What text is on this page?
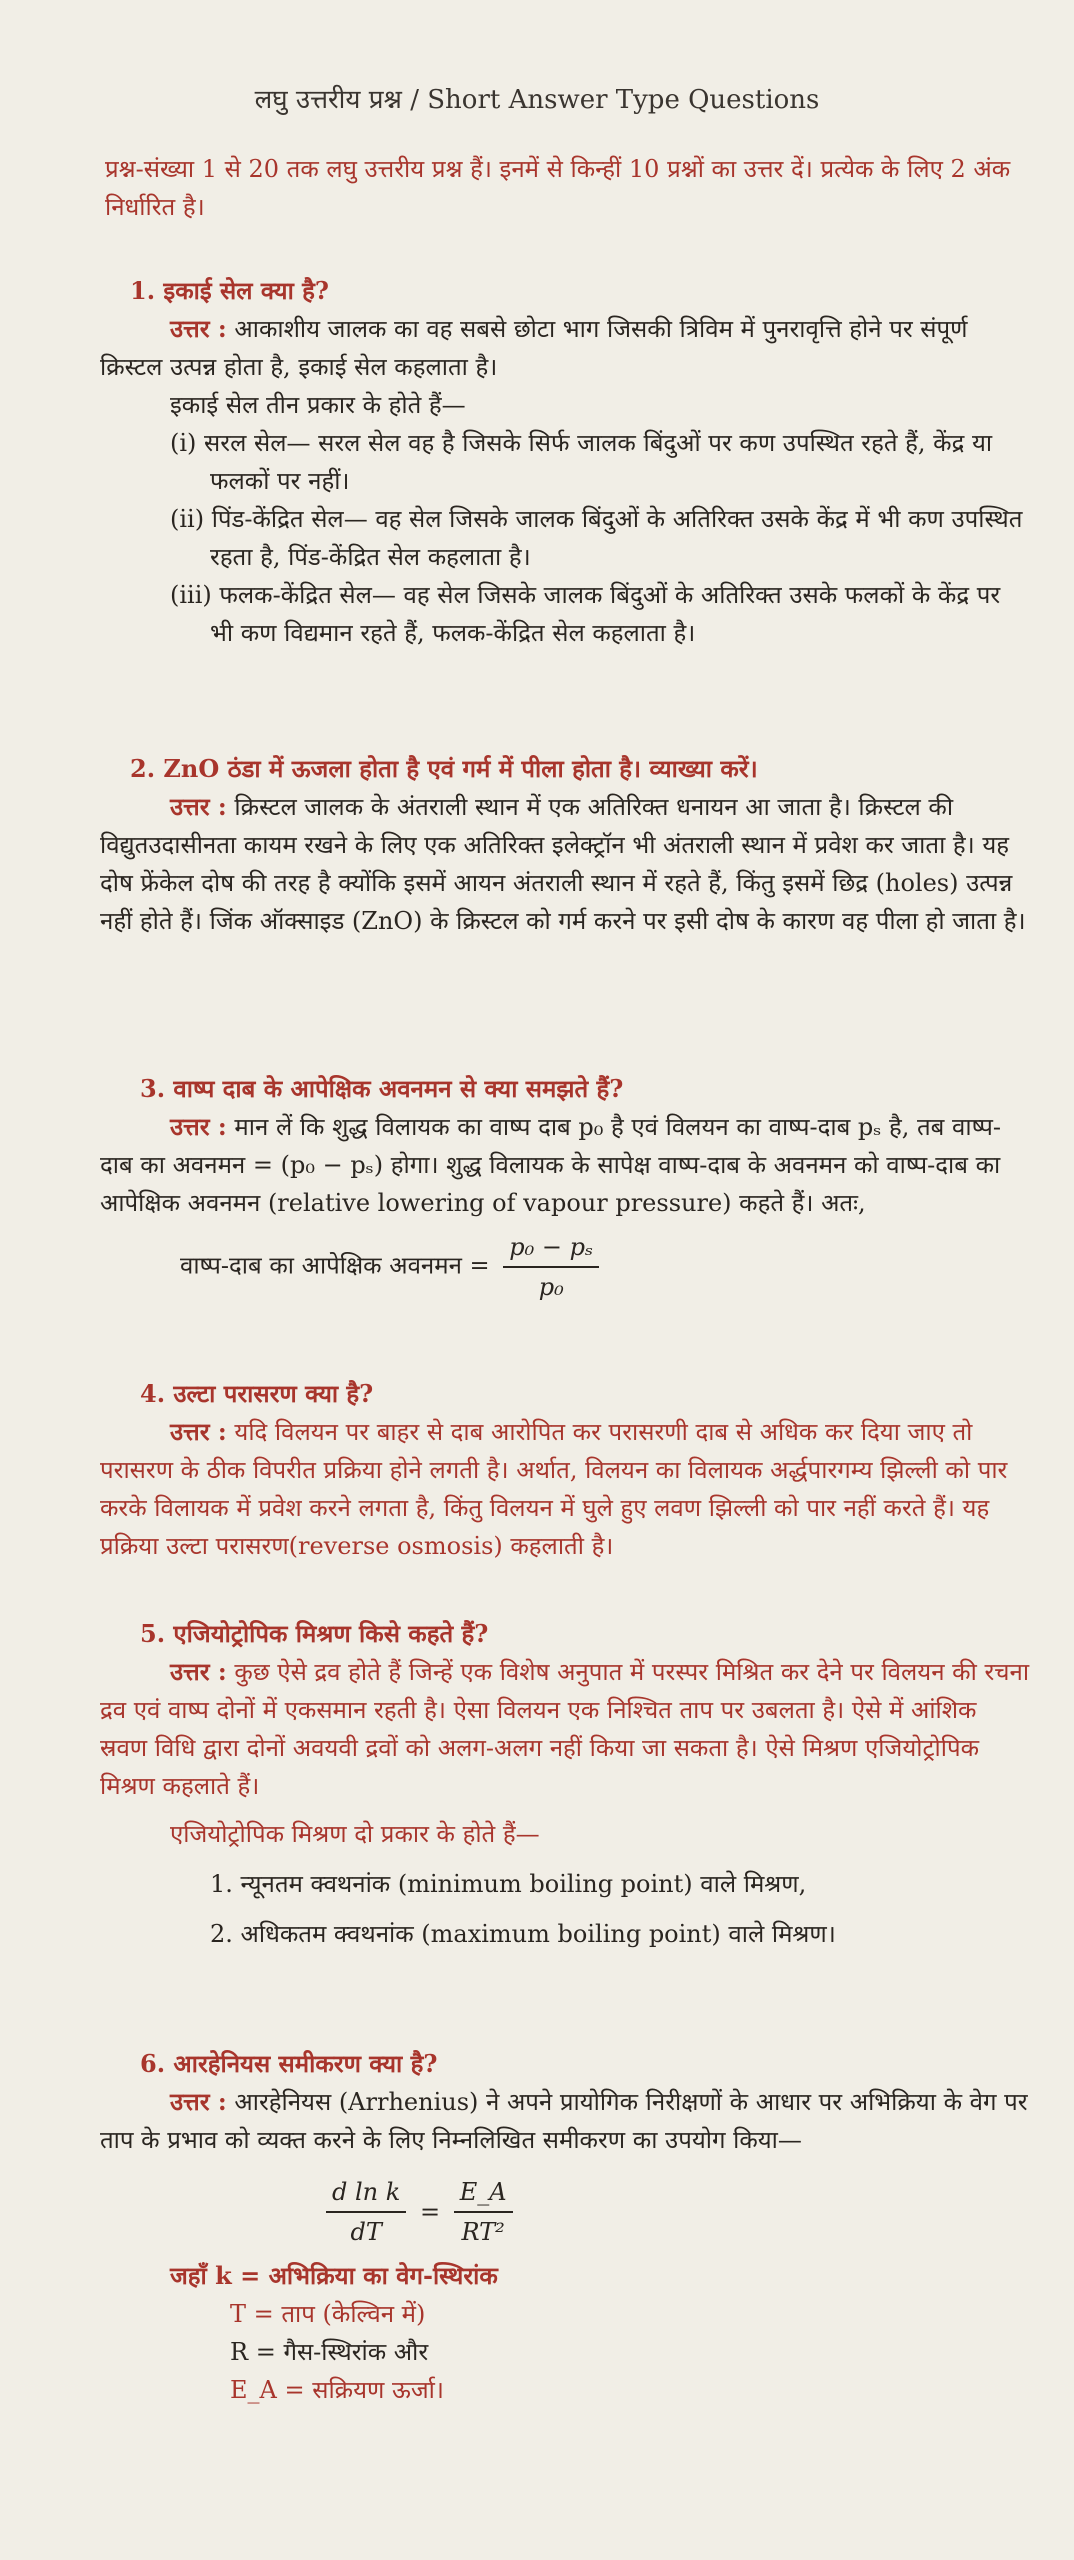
लघु उत्तरीय प्रश्न / Short Answer Type Questions
प्रश्न-संख्या 1 से 20 तक लघु उत्तरीय प्रश्न हैं। इनमें से किन्हीं 10 प्रश्नों का उत्तर दें। प्रत्येक के लिए 2 अंक निर्धारित है।

1. इकाई सेल क्या है?

उत्तर : आकाशीय जालक का वह सबसे छोटा भाग जिसकी त्रिविम में पुनरावृत्ति होने पर संपूर्ण क्रिस्टल उत्पन्न होता है, इकाई सेल कहलाता है।

इकाई सेल तीन प्रकार के होते हैं—

(i) सरल सेल— सरल सेल वह है जिसके सिर्फ जालक बिंदुओं पर कण उपस्थित रहते हैं, केंद्र या फलकों पर नहीं।

(ii) पिंड-केंद्रित सेल— वह सेल जिसके जालक बिंदुओं के अतिरिक्त उसके केंद्र में भी कण उपस्थित रहता है, पिंड-केंद्रित सेल कहलाता है।

(iii) फलक-केंद्रित सेल— वह सेल जिसके जालक बिंदुओं के अतिरिक्त उसके फलकों के केंद्र पर भी कण विद्यमान रहते हैं, फलक-केंद्रित सेल कहलाता है।

2. ZnO ठंडा में ऊजला होता है एवं गर्म में पीला होता है। व्याख्या करें।

उत्तर : क्रिस्टल जालक के अंतराली स्थान में एक अतिरिक्त धनायन आ जाता है। क्रिस्टल की विद्युतउदासीनता कायम रखने के लिए एक अतिरिक्त इलेक्ट्रॉन भी अंतराली स्थान में प्रवेश कर जाता है। यह दोष फ्रेंकेल दोष की तरह है क्योंकि इसमें आयन अंतराली स्थान में रहते हैं, किंतु इसमें छिद्र (holes) उत्पन्न नहीं होते हैं। जिंक ऑक्साइड (ZnO) के क्रिस्टल को गर्म करने पर इसी दोष के कारण वह पीला हो जाता है।

3. वाष्प दाब के आपेक्षिक अवनमन से क्या समझते हैं?

उत्तर : मान लें कि शुद्ध विलायक का वाष्प दाब p₀ है एवं विलयन का वाष्प-दाब pₛ है, तब वाष्प-दाब का अवनमन = (p₀ − pₛ) होगा। शुद्ध विलायक के सापेक्ष वाष्प-दाब के अवनमन को वाष्प-दाब का आपेक्षिक अवनमन (relative lowering of vapour pressure) कहते हैं। अतः,

वाष्प-दाब का आपेक्षिक अवनमन = $\frac{\text{p₀ − pₛ}}{\text{p₀}}$

4. उल्टा परासरण क्या है?

उत्तर : यदि विलयन पर बाहर से दाब आरोपित कर परासरणी दाब से अधिक कर दिया जाए तो परासरण के ठीक विपरीत प्रक्रिया होने लगती है। अर्थात, विलयन का विलायक अर्द्धपारगम्य झिल्ली को पार करके विलायक में प्रवेश करने लगता है, किंतु विलयन में घुले हुए लवण झिल्ली को पार नहीं करते हैं। यह प्रक्रिया उल्टा परासरण(reverse osmosis) कहलाती है।

5. एजियोट्रोपिक मिश्रण किसे कहते हैं?

उत्तर : कुछ ऐसे द्रव होते हैं जिन्हें एक विशेष अनुपात में परस्पर मिश्रित कर देने पर विलयन की रचना द्रव एवं वाष्प दोनों में एकसमान रहती है। ऐसा विलयन एक निश्चित ताप पर उबलता है। ऐसे में आंशिक स्रवण विधि द्वारा दोनों अवयवी द्रवों को अलग-अलग नहीं किया जा सकता है। ऐसे मिश्रण एजियोट्रोपिक मिश्रण कहलाते हैं।

एजियोट्रोपिक मिश्रण दो प्रकार के होते हैं—

1. न्यूनतम क्वथनांक (minimum boiling point) वाले मिश्रण,

2. अधिकतम क्वथनांक (maximum boiling point) वाले मिश्रण।

6. आरहेनियस समीकरण क्या है?

उत्तर : आरहेनियस (Arrhenius) ने अपने प्रायोगिक निरीक्षणों के आधार पर अभिक्रिया के वेग पर ताप के प्रभाव को व्यक्त करने के लिए निम्नलिखित समीकरण का उपयोग किया—

$\frac{\text{d ln k}}{dT} = \frac{E\_A}{\text{RT²}}$

जहाँ k = अभिक्रिया का वेग-स्थिरांक

T = ताप (केल्विन में)

R = गैस-स्थिरांक और

E_A = सक्रियण ऊर्जा।
